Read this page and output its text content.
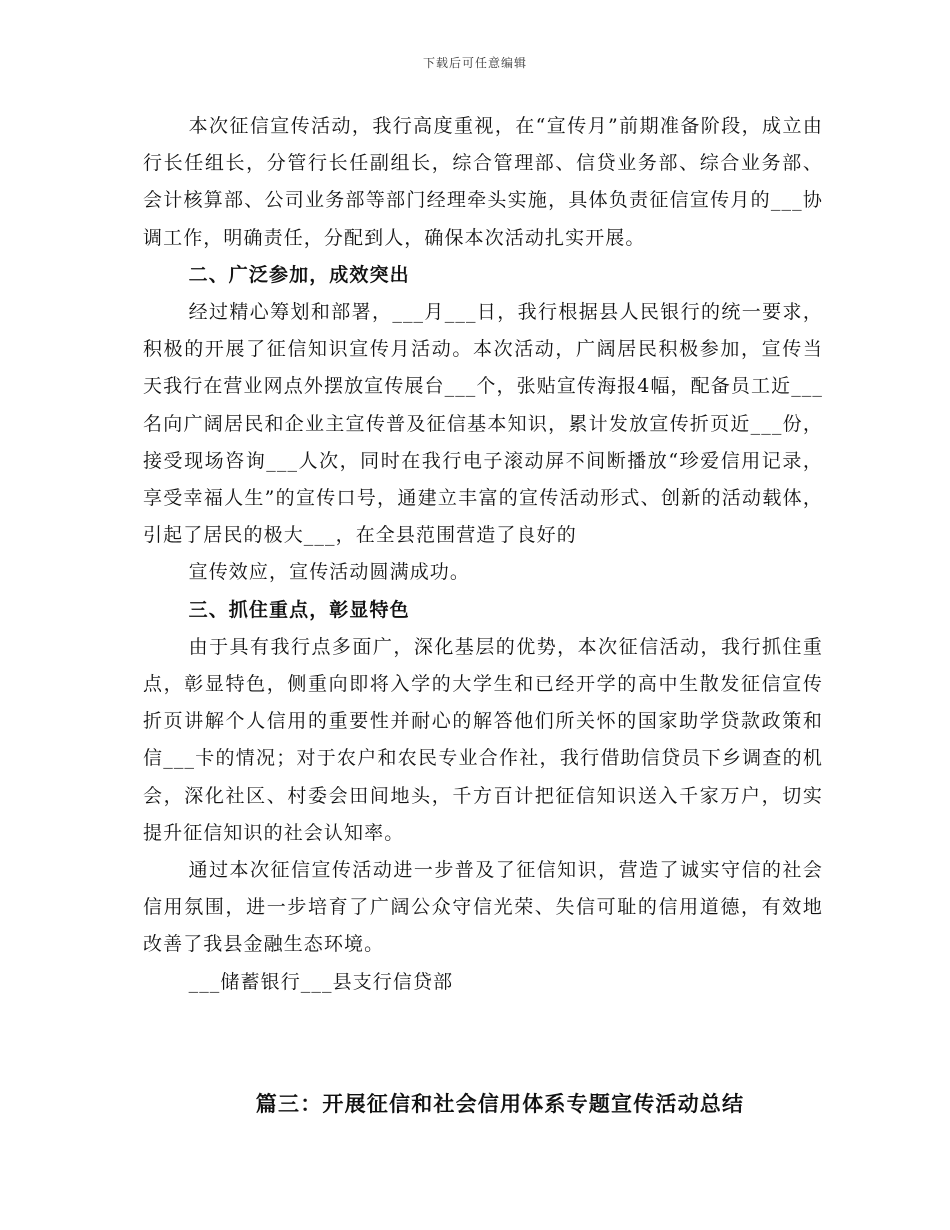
下载后可任意编辑

本次征信宣传活动，我行高度重视，在“宣传月”前期准备阶段，成立由行长任组长，分管行长任副组长，综合管理部、信贷业务部、综合业务部、会计核算部、公司业务部等部门经理牵头实施，具体负责征信宣传月的___协调工作，明确责任，分配到人，确保本次活动扎实开展。

二、广泛参加，成效突出

经过精心筹划和部署，___月___日，我行根据县人民银行的统一要求，积极的开展了征信知识宣传月活动。本次活动，广阔居民积极参加，宣传当天我行在营业网点外摆放宣传展台___个，张贴宣传海报4幅，配备员工近___名向广阔居民和企业主宣传普及征信基本知识，累计发放宣传折页近___份，接受现场咨询___人次，同时在我行电子滚动屏不间断播放“珍爱信用记录，享受幸福人生”的宣传口号，通建立丰富的宣传活动形式、创新的活动载体，引起了居民的极大___，在全县范围营造了良好的

宣传效应，宣传活动圆满成功。

三、抓住重点，彰显特色

由于具有我行点多面广，深化基层的优势，本次征信活动，我行抓住重点，彰显特色，侧重向即将入学的大学生和已经开学的高中生散发征信宣传折页讲解个人信用的重要性并耐心的解答他们所关怀的国家助学贷款政策和信___卡的情况；对于农户和农民专业合作社，我行借助信贷员下乡调查的机会，深化社区、村委会田间地头，千方百计把征信知识送入千家万户，切实提升征信知识的社会认知率。

通过本次征信宣传活动进一步普及了征信知识，营造了诚实守信的社会信用氛围，进一步培育了广阔公众守信光荣、失信可耻的信用道德，有效地改善了我县金融生态环境。

___储蓄银行___县支行信贷部

篇三：开展征信和社会信用体系专题宣传活动总结
